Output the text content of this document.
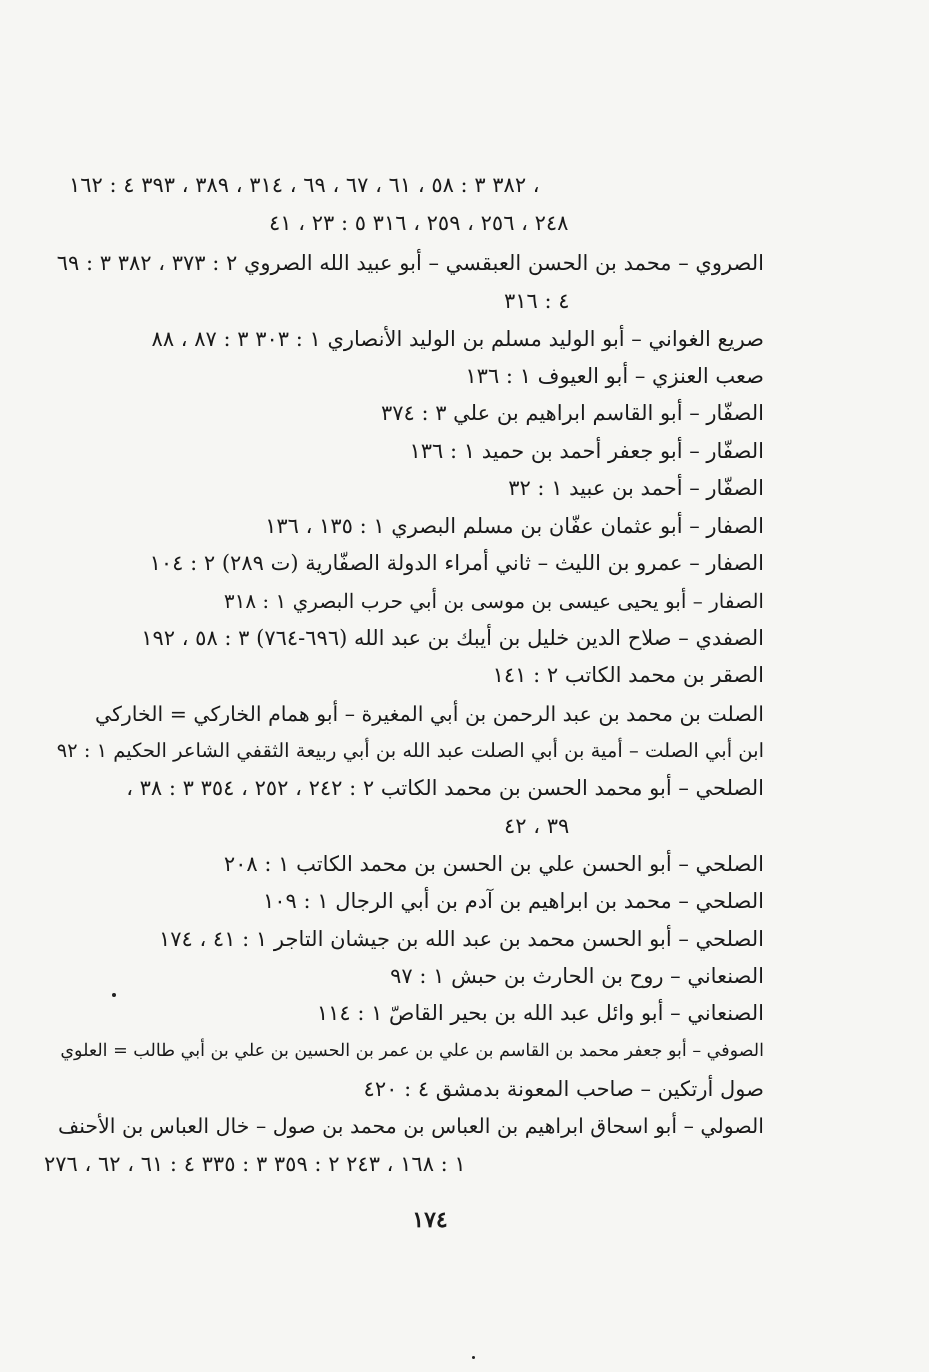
٣٨٢ ٣ : ٥٨ ، ٦١ ، ٦٧ ، ٦٩ ، ٣١٤ ، ٣٨٩ ، ٣٩٣ ٤ : ١٦٢ ،
٢٤٨ ، ٢٥٦ ، ٢٥٩ ، ٣١٦ ٥ : ٢٣ ، ٤١
الصروي – محمد بن الحسن العبقسي – أبو عبيد الله الصروي ٢ : ٣٧٣ ، ٣٨٢ ٣ : ٦٩
٤ : ٣١٦
صريع الغواني – أبو الوليد مسلم بن الوليد الأنصاري ١ : ٣٠٣ ٣ : ٨٧ ، ٨٨
صعب العنزي – أبو العيوف ١ : ١٣٦
الصفّار – أبو القاسم ابراهيم بن علي ٣ : ٣٧٤
الصفّار – أبو جعفر أحمد بن حميد ١ : ١٣٦
الصفّار – أحمد بن عبيد ١ : ٣٢
الصفار – أبو عثمان عفّان بن مسلم البصري ١ : ١٣٥ ، ١٣٦
الصفار – عمرو بن الليث – ثاني أمراء الدولة الصفّارية (ت ٢٨٩) ٢ : ١٠٤
الصفار – أبو يحيى عيسى بن موسى بن أبي حرب البصري ١ : ٣١٨
الصفدي – صلاح الدين خليل بن أيبك بن عبد الله (٦٩٦-٧٦٤) ٣ : ٥٨ ، ١٩٢
الصقر بن محمد الكاتب ٢ : ١٤١
الصلت بن محمد بن عبد الرحمن بن أبي المغيرة – أبو همام الخاركي = الخاركي
ابن أبي الصلت – أمية بن أبي الصلت عبد الله بن أبي ربيعة الثقفي الشاعر الحكيم ١ : ٩٢
الصلحي – أبو محمد الحسن بن محمد الكاتب ٢ : ٢٤٢ ، ٢٥٢ ، ٣٥٤ ٣ : ٣٨ ،
٣٩ ، ٤٢
الصلحي – أبو الحسن علي بن الحسن بن محمد الكاتب ١ : ٢٠٨
الصلحي – محمد بن ابراهيم بن آدم بن أبي الرجال ١ : ١٠٩
الصلحي – أبو الحسن محمد بن عبد الله بن جيشان التاجر ١ : ٤١ ، ١٧٤
الصنعاني – روح بن الحارث بن حبش ١ : ٩٧
الصنعاني – أبو وائل عبد الله بن بحير القاصّ ١ : ١١٤
الصوفي – أبو جعفر محمد بن القاسم بن علي بن عمر بن الحسين بن علي بن أبي طالب = العلوي
صول أرتكين – صاحب المعونة بدمشق ٤ : ٤٢٠
الصولي – أبو اسحاق ابراهيم بن العباس بن محمد بن صول – خال العباس بن الأحنف
١ : ١٦٨ ، ٢٤٣ ٢ : ٣٥٩ ٣ : ٣٣٥ ٤ : ٦١ ، ٦٢ ، ٢٧٦
١٧٤
